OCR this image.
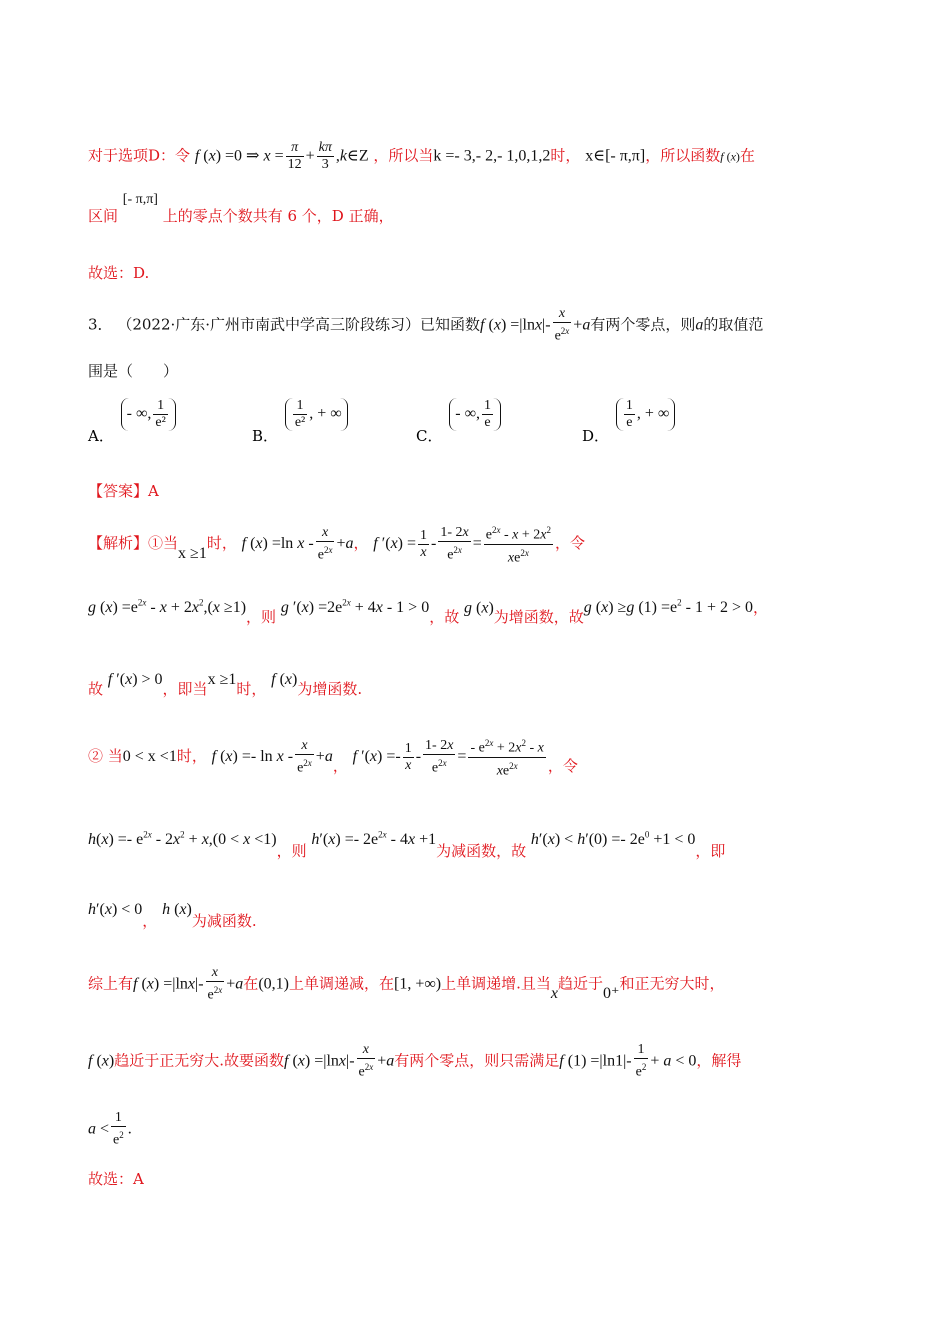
对于选项D：令 f (x) =0 ⇒ $x = \frac{\pi}{12} + \frac{k\pi}{3}$ ,k∈Z ，所以当k =- 3,- 2,- 1,0,1,2时， x∈[- π,π]，所以函数f (x)在
区间 [- π,π] 上的零点个数共有 6 个，D 正确，
故选：D.
3． （2022·广东·广州市南武中学高三阶段练习）已知函数f $(x) =|\ln x|- \frac{x}{e^{2x}} +a$有两个零点，则a的取值范
围是（　　）
A． - ∞, $\frac{1}{\text{e²}}$
B．
$\frac{1}{\text{e²}}$ , + ∞
C． - ∞, $\frac{1}{e}$
D．
$\frac{1}{e}$ , + ∞
【答案】A
【解析】①当x ≥1时， f (x) =ln $x - \frac{x}{e^{2x}} +a$， f $'(x) = \frac{1}{x} - \frac{1- 2x}{e^{2x}} = \frac{e^{2x} - x + 2x^2}{xe^{2x}}$ ，令
g $(x) =e^{2x} - x + 2x^2,(x \ge 1)$，则 g $'(x) =2e^{2x} + 4x - 1 > 0$，故 g (x)为增函数，故g (x) ≥g $(1) =e^2 - 1 + 2 > 0$，
故 f ′(x) > 0，即当x ≥1时， f (x)为增函数.
② 当0 < x <1时， f $(x) =- \ln x - \frac{x}{e^{2x}} +a$， f $'(x) =- \frac{1}{x} - \frac{1- 2x}{e^{2x}} = \frac{- e^{2x} + 2x^2 - x}{xe^{2x}}$ ，令
$h(x) =- e^{2x} - 2x^2 + x,(0 < x <1)$，则 $h'(x) =- 2e^{2x} - 4x +1$为减函数，故 $h'(x) < h'(0) =- 2e^0 +1 < 0$，即
h′(x) < 0， h (x)为减函数.
综上有f $(x) =|\ln x|- \frac{x}{e^{2x}} +a$在(0,1)上单调递减，在[1, +∞)上单调递增.且当x趋近于0⁺和正无穷大时，
f (x)趋近于正无穷大.故要函数f $(x) =|\ln x|- \frac{x}{e^{2x}} +a$有两个零点，则只需满足f $(1) =|\ln 1|- \frac{1}{e^2} + a < 0$，解得
$a < \frac{1}{e^2}$ .
故选：A
